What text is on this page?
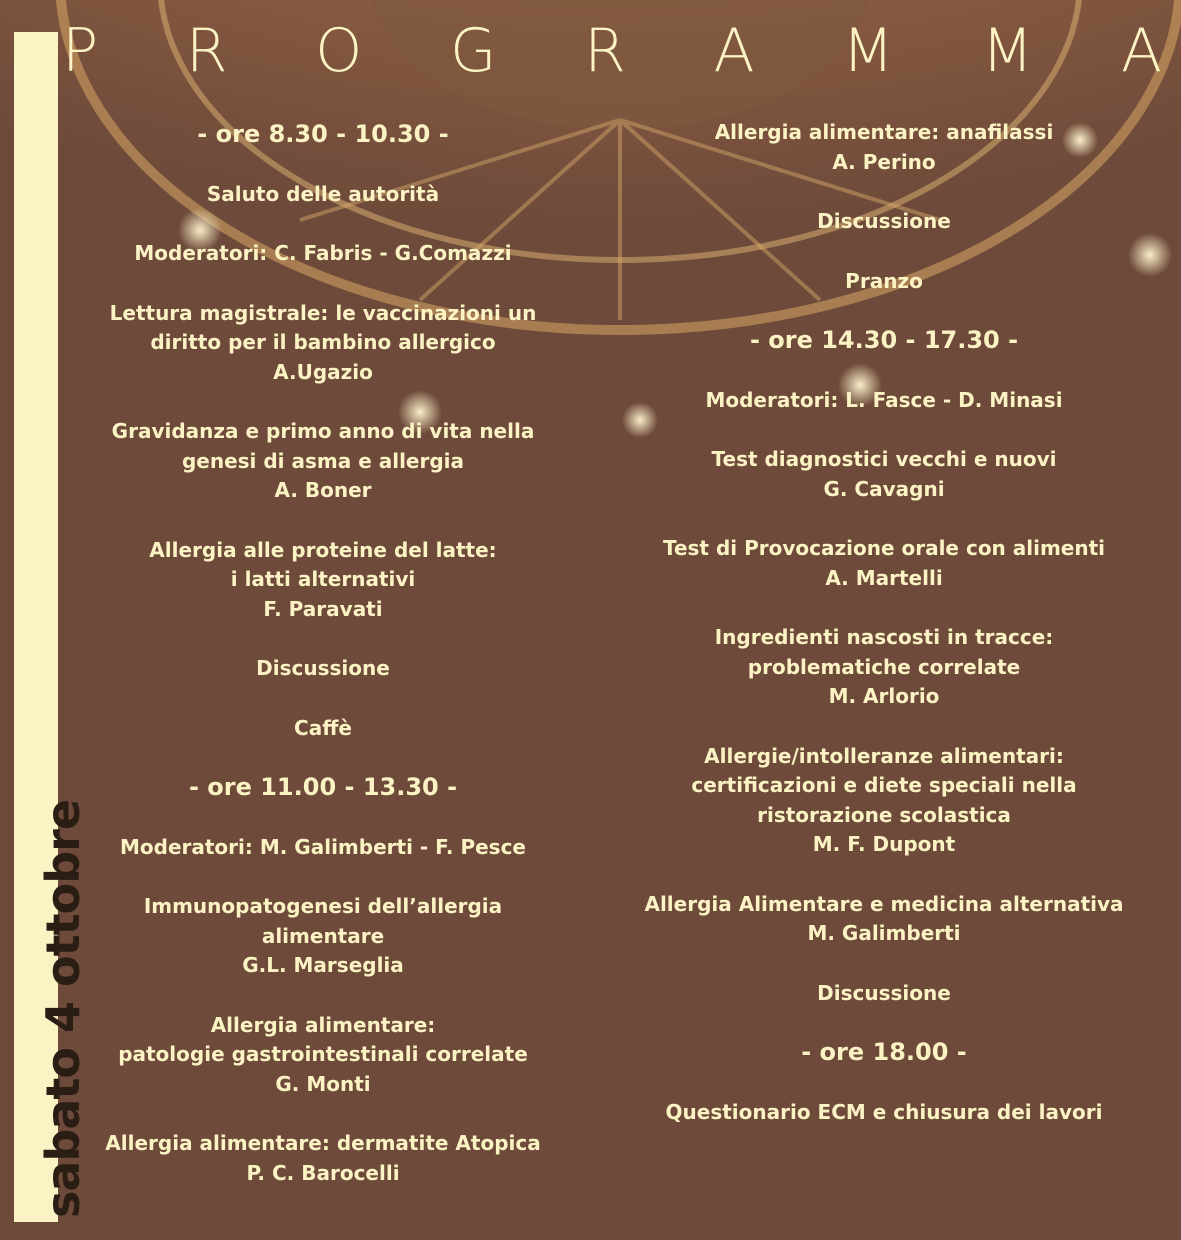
sabato 4 ottobre
P R O G R A M M A
- ore 8.30 - 10.30 -
Saluto delle autorità
Moderatori: C. Fabris - G.Comazzi
Lettura magistrale: le vaccinazioni un
diritto per il bambino allergico
A.Ugazio
Gravidanza e primo anno di vita nella
genesi di asma e allergia
A. Boner
Allergia alle proteine del latte:
i latti alternativi
F. Paravati
Discussione
Caffè
- ore 11.00 - 13.30 -
Moderatori: M. Galimberti - F. Pesce
Immunopatogenesi dell’allergia
alimentare
G.L. Marseglia
Allergia alimentare:
patologie gastrointestinali correlate
G. Monti
Allergia alimentare: dermatite Atopica
P. C. Barocelli
Allergia alimentare: anafilassi
A. Perino
Discussione
Pranzo
- ore 14.30 - 17.30 -
Moderatori: L. Fasce - D. Minasi
Test diagnostici vecchi e nuovi
G. Cavagni
Test di Provocazione orale con alimenti
A. Martelli
Ingredienti nascosti in tracce:
problematiche correlate
M. Arlorio
Allergie/intolleranze alimentari:
certificazioni e diete speciali nella
ristorazione scolastica
M. F. Dupont
Allergia Alimentare e medicina alternativa
M. Galimberti
Discussione
- ore 18.00 -
Questionario ECM e chiusura dei lavori
